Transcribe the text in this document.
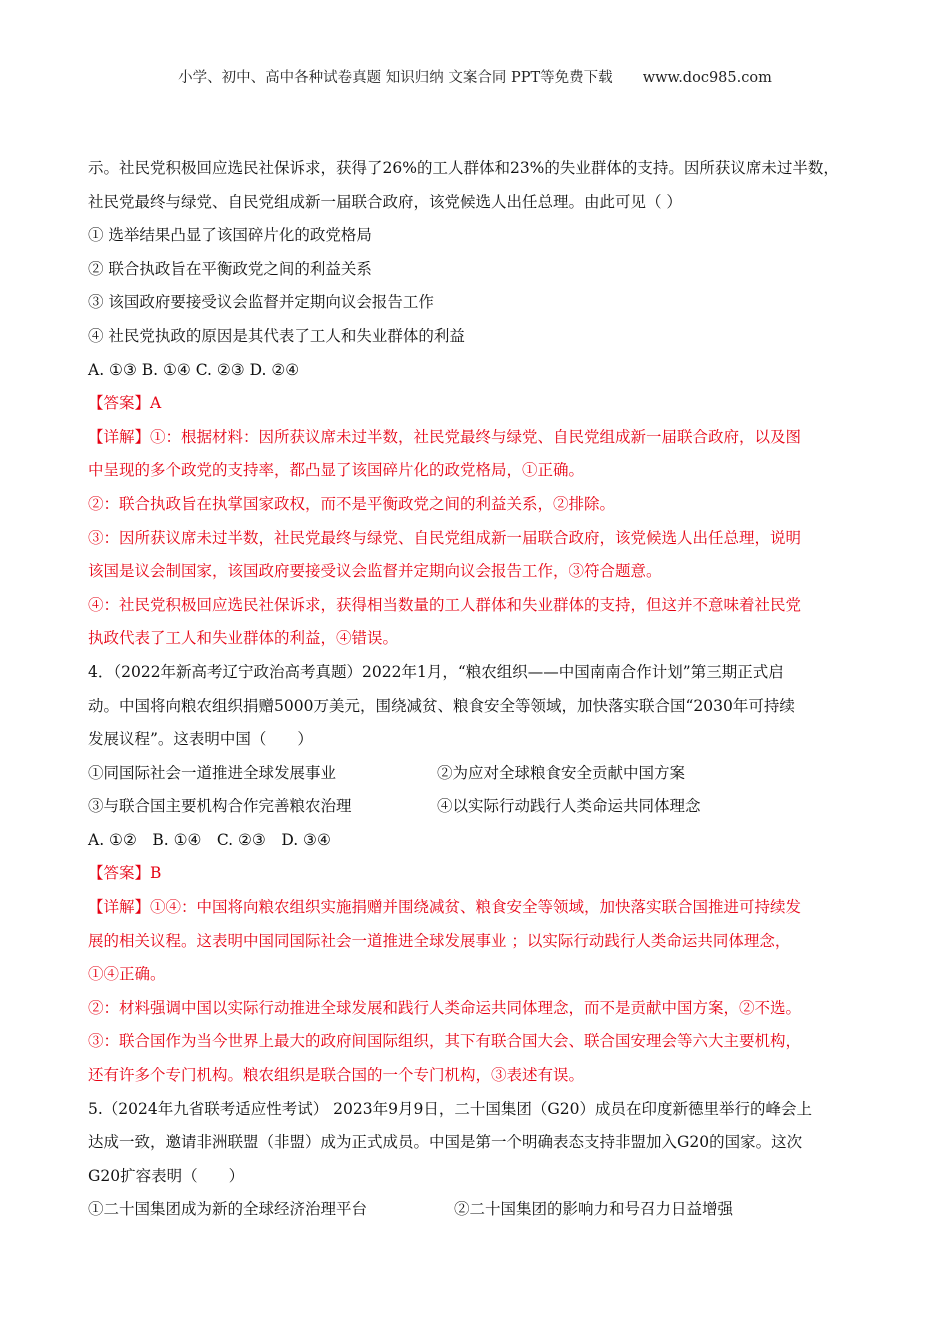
小学、初中、高中各种试卷真题 知识归纳 文案合同 PPT等免费下载 www.doc985.com
示。社民党积极回应选民社保诉求，获得了26%的工人群体和23%的失业群体的支持。因所获议席未过半数，
社民党最终与绿党、自民党组成新一届联合政府，该党候选人出任总理。由此可见（ ）
① 选举结果凸显了该国碎片化的政党格局
② 联合执政旨在平衡政党之间的利益关系
③ 该国政府要接受议会监督并定期向议会报告工作
④ 社民党执政的原因是其代表了工人和失业群体的利益
A. ①③ B. ①④ C. ②③ D. ②④
【答案】A
【详解】①：根据材料：因所获议席未过半数，社民党最终与绿党、自民党组成新一届联合政府，以及图
中呈现的多个政党的支持率，都凸显了该国碎片化的政党格局，①正确。
②：联合执政旨在执掌国家政权，而不是平衡政党之间的利益关系，②排除。
③：因所获议席未过半数，社民党最终与绿党、自民党组成新一届联合政府，该党候选人出任总理，说明
该国是议会制国家，该国政府要接受议会监督并定期向议会报告工作，③符合题意。
④：社民党积极回应选民社保诉求，获得相当数量的工人群体和失业群体的支持，但这并不意味着社民党
执政代表了工人和失业群体的利益，④错误。
4．（2022年新高考辽宁政治高考真题）2022年1月，“粮农组织——中国南南合作计划”第三期正式启
动。中国将向粮农组织捐赠5000万美元，围绕减贫、粮食安全等领域，加快落实联合国“2030年可持续
发展议程”。这表明中国（　　）
①同国际社会一道推进全球发展事业	②为应对全球粮食安全贡献中国方案
③与联合国主要机构合作完善粮农治理	④以实际行动践行人类命运共同体理念
A. ①②　B. ①④　C. ②③　D. ③④
【答案】B
【详解】①④：中国将向粮农组织实施捐赠并围绕减贫、粮食安全等领域，加快落实联合国推进可持续发
展的相关议程。这表明中国同国际社会一道推进全球发展事业 ；以实际行动践行人类命运共同体理念，
①④正确。
②：材料强调中国以实际行动推进全球发展和践行人类命运共同体理念，而不是贡献中国方案，②不选。
③：联合国作为当今世界上最大的政府间国际组织，其下有联合国大会、联合国安理会等六大主要机构，
还有许多个专门机构。粮农组织是联合国的一个专门机构，③表述有误。
5.（2024年九省联考适应性考试） 2023年9月9日，二十国集团（G20）成员在印度新德里举行的峰会上
达成一致，邀请非洲联盟（非盟）成为正式成员。中国是第一个明确表态支持非盟加入G20的国家。这次
G20扩容表明（　　）
①二十国集团成为新的全球经济治理平台	②二十国集团的影响力和号召力日益增强
